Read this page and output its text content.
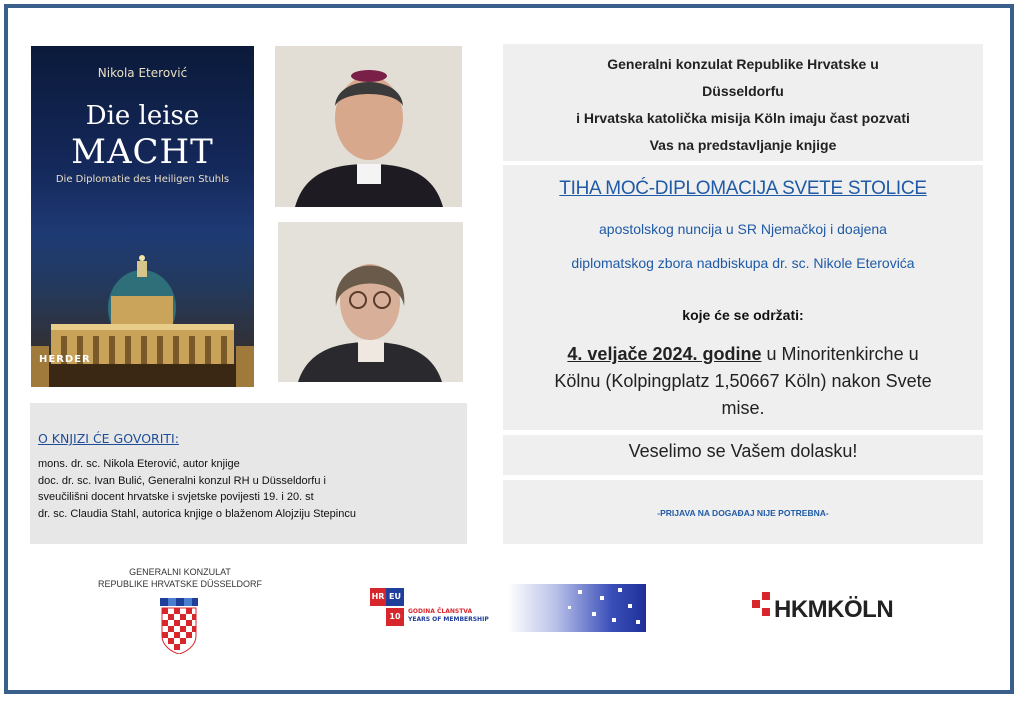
Nikola Eterović
Die leise
MACHT
Die Diplomatie des Heiligen Stuhls
HERDER
O KNJIZI ĆE GOVORITI:
mons. dr. sc. Nikola Eterović, autor knjige
doc. dr. sc. Ivan Bulić, Generalni konzul RH u Düsseldorfu i
sveučilišni docent hrvatske i svjetske povijesti 19. i 20. st
dr. sc. Claudia Stahl, autorica knjige o blaženom Alojziju Stepincu
Generalni konzulat Republike Hrvatske u
Düsseldorfu
i Hrvatska katolička misija Köln imaju čast pozvati
Vas na predstavljanje knjige
TIHA MOĆ-DIPLOMACIJA SVETE STOLICE
apostolskog nuncija u SR Njemačkoj i doajena
diplomatskog zbora nadbiskupa dr. sc. Nikole Eterovića
koje će se održati:
4. veljače 2024. godine u Minoritenkirche u
Kölnu (Kolpingplatz 1,50667 Köln) nakon Svete
mise.
Veselimo se Vašem dolasku!
-PRIJAVA NA DOGAĐAJ NIJE POTREBNA-
GENERALNI KONZULAT
REPUBLIKE HRVATSKE DÜSSELDORF
HR EU
10
GODINA ČLANSTVA
YEARS OF MEMBERSHIP	HKMKÖLN
